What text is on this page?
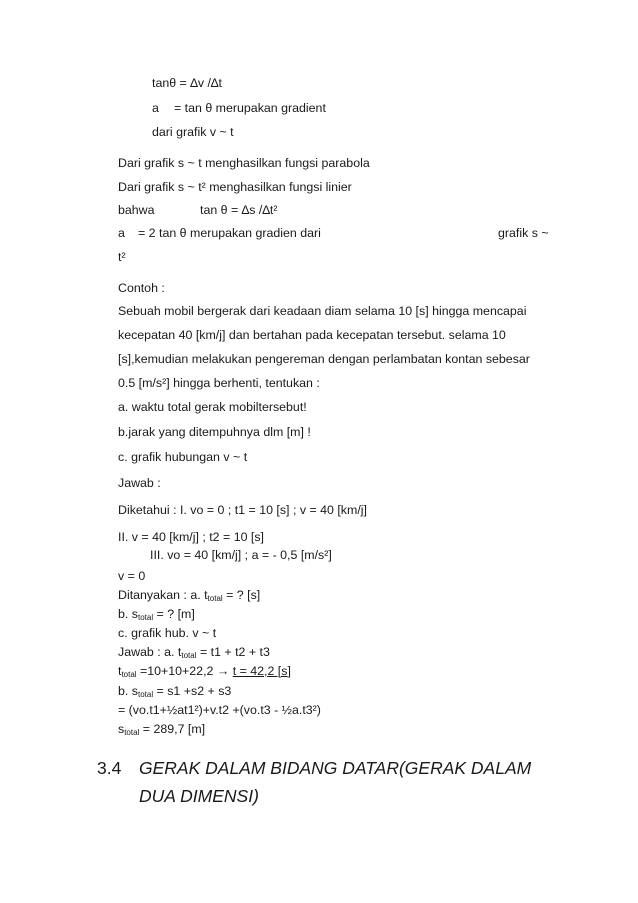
tanθ = ∆v /∆t
a = tan θ merupakan gradient
dari grafik v ~ t
Dari grafik s ~ t menghasilkan fungsi parabola
Dari grafik s ~ t² menghasilkan fungsi linier
bahwa	tan θ = ∆s /∆t²
a = 2 tan θ merupakan gradien dari	grafik s ~
t²
Contoh :
Sebuah mobil bergerak dari keadaan diam selama 10 [s] hingga mencapai
kecepatan 40 [km/j] dan bertahan pada kecepatan tersebut. selama 10
[s],kemudian melakukan pengereman dengan perlambatan kontan sebesar
0.5 [m/s²] hingga berhenti, tentukan :
a. waktu total gerak mobiltersebut!
b.jarak yang ditempuhnya dlm [m] !
c. grafik hubungan v ~ t
Jawab :
Diketahui : I. vo = 0 ; t1 = 10 [s] ; v = 40 [km/j]
II. v = 40 [km/j] ; t2 = 10 [s]
III. vo = 40 [km/j] ; a = - 0,5 [m/s²]
v = 0
Ditanyakan : a. $t_{total}$ = ? [s]
b. $s_{total}$ = ? [m]
c. grafik hub. v ~ t
Jawab : a. $t_{total} = t1 + t2 + t3$
$t_{total} =10+10+22,2 \to t = 42,2$ [s]
b. $s_{total} = s1 +s2 + s3$
= (vo.t1+½at1²)+v.t2 +(vo.t3 - ½a.t3²)
$s_{total} = 289,7$ [m]
3.4 GERAK DALAM BIDANG DATAR(GERAK DALAM
DUA DIMENSI)
